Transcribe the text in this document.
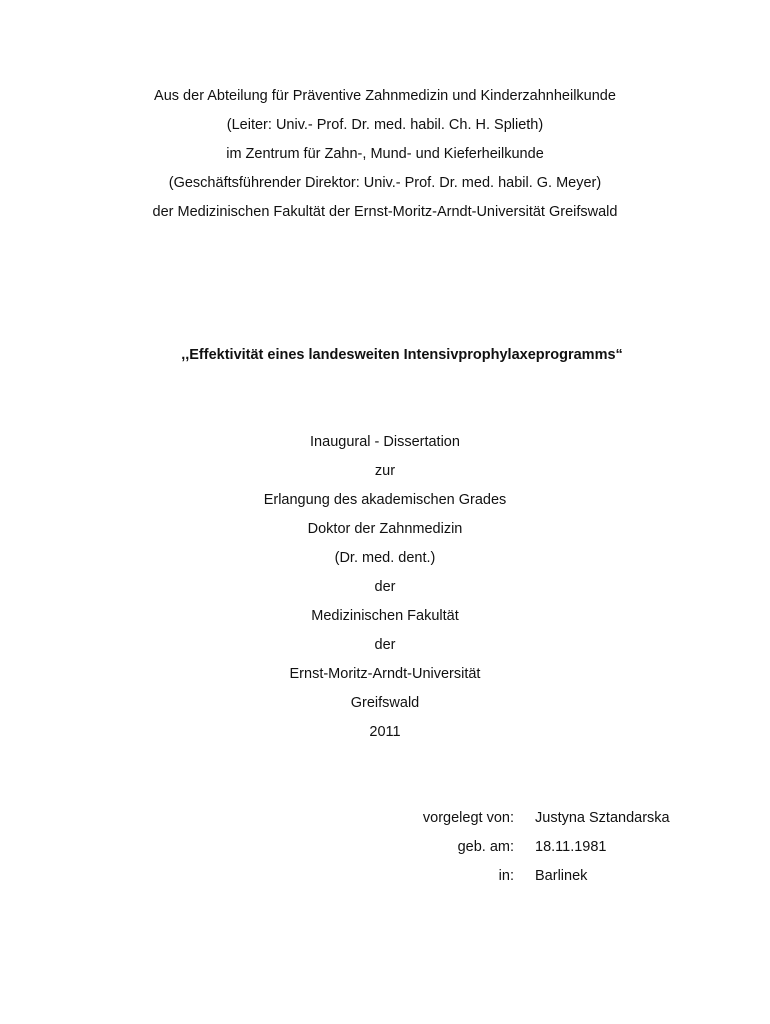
Aus der Abteilung für Präventive Zahnmedizin und Kinderzahnheilkunde
(Leiter: Univ.- Prof. Dr. med. habil. Ch. H. Splieth)
im Zentrum für Zahn-, Mund- und Kieferheilkunde
(Geschäftsführender Direktor: Univ.- Prof. Dr. med. habil. G. Meyer)
der Medizinischen Fakultät der Ernst-Moritz-Arndt-Universität Greifswald
,,Effektivität eines landesweiten Intensivprophylaxeprogramms“
Inaugural - Dissertation
zur
Erlangung des akademischen Grades
Doktor der Zahnmedizin
(Dr. med. dent.)
der
Medizinischen Fakultät
der
Ernst-Moritz-Arndt-Universität
Greifswald
2011
vorgelegt von: Justyna Sztandarska
geb. am: 18.11.1981
in: Barlinek
